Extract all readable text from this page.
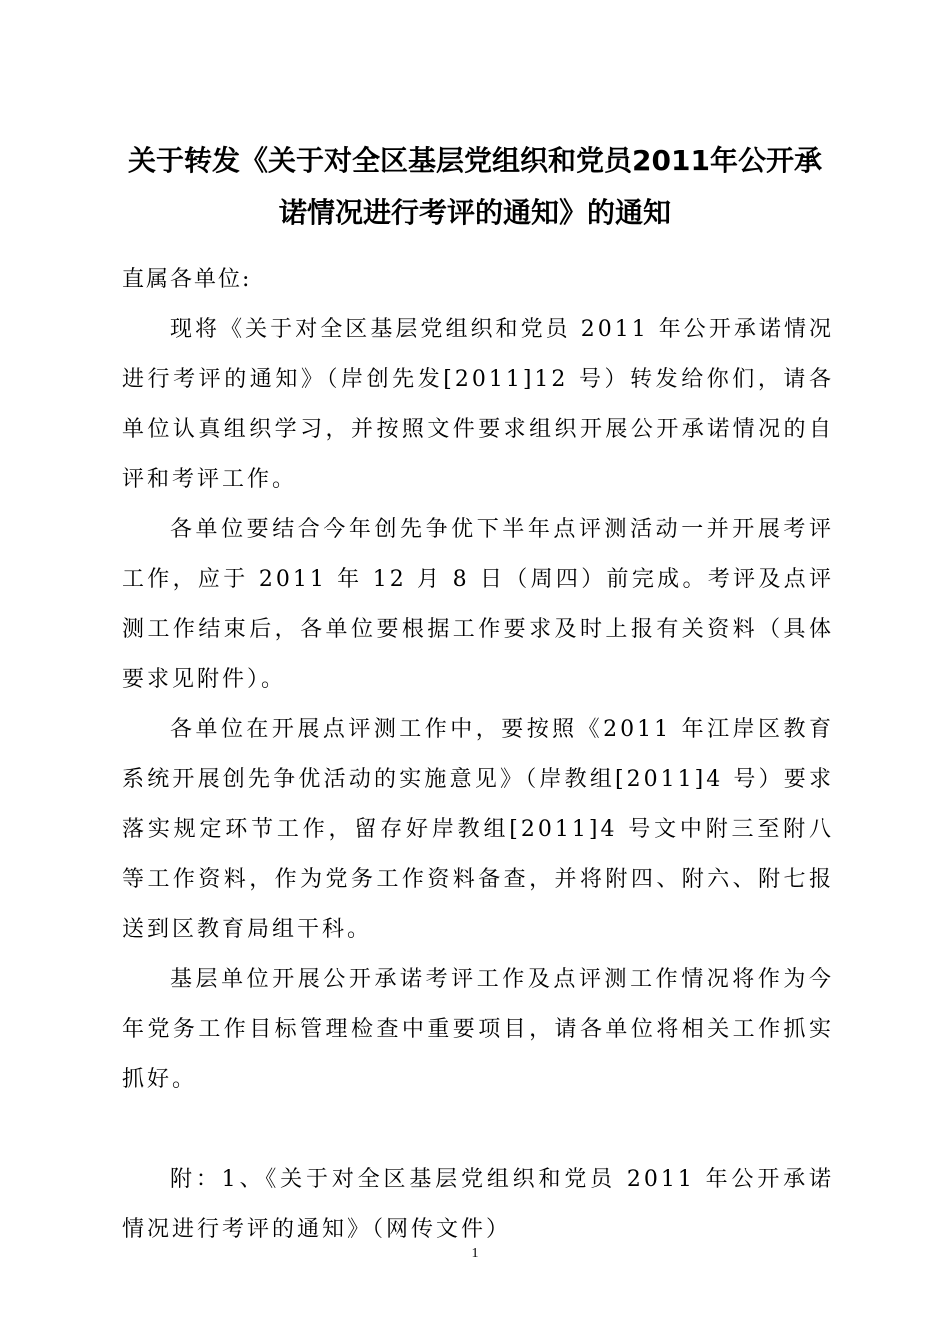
关于转发《关于对全区基层党组织和党员2011年公开承
诺情况进行考评的通知》的通知

直属各单位:

现将《关于对全区基层党组织和党员 2011 年公开承诺情况进行考评的通知》（岸创先发[2011]12 号）转发给你们，请各单位认真组织学习，并按照文件要求组织开展公开承诺情况的自评和考评工作。

各单位要结合今年创先争优下半年点评测活动一并开展考评工作，应于 2011 年 12 月 8 日（周四）前完成。考评及点评测工作结束后，各单位要根据工作要求及时上报有关资料（具体要求见附件）。

各单位在开展点评测工作中，要按照《2011 年江岸区教育系统开展创先争优活动的实施意见》（岸教组[2011]4 号）要求落实规定环节工作，留存好岸教组[2011]4 号文中附三至附八等工作资料，作为党务工作资料备查，并将附四、附六、附七报送到区教育局组干科。

基层单位开展公开承诺考评工作及点评测工作情况将作为今年党务工作目标管理检查中重要项目，请各单位将相关工作抓实抓好。

附：1、《关于对全区基层党组织和党员 2011 年公开承诺情况进行考评的通知》（网传文件）

1
